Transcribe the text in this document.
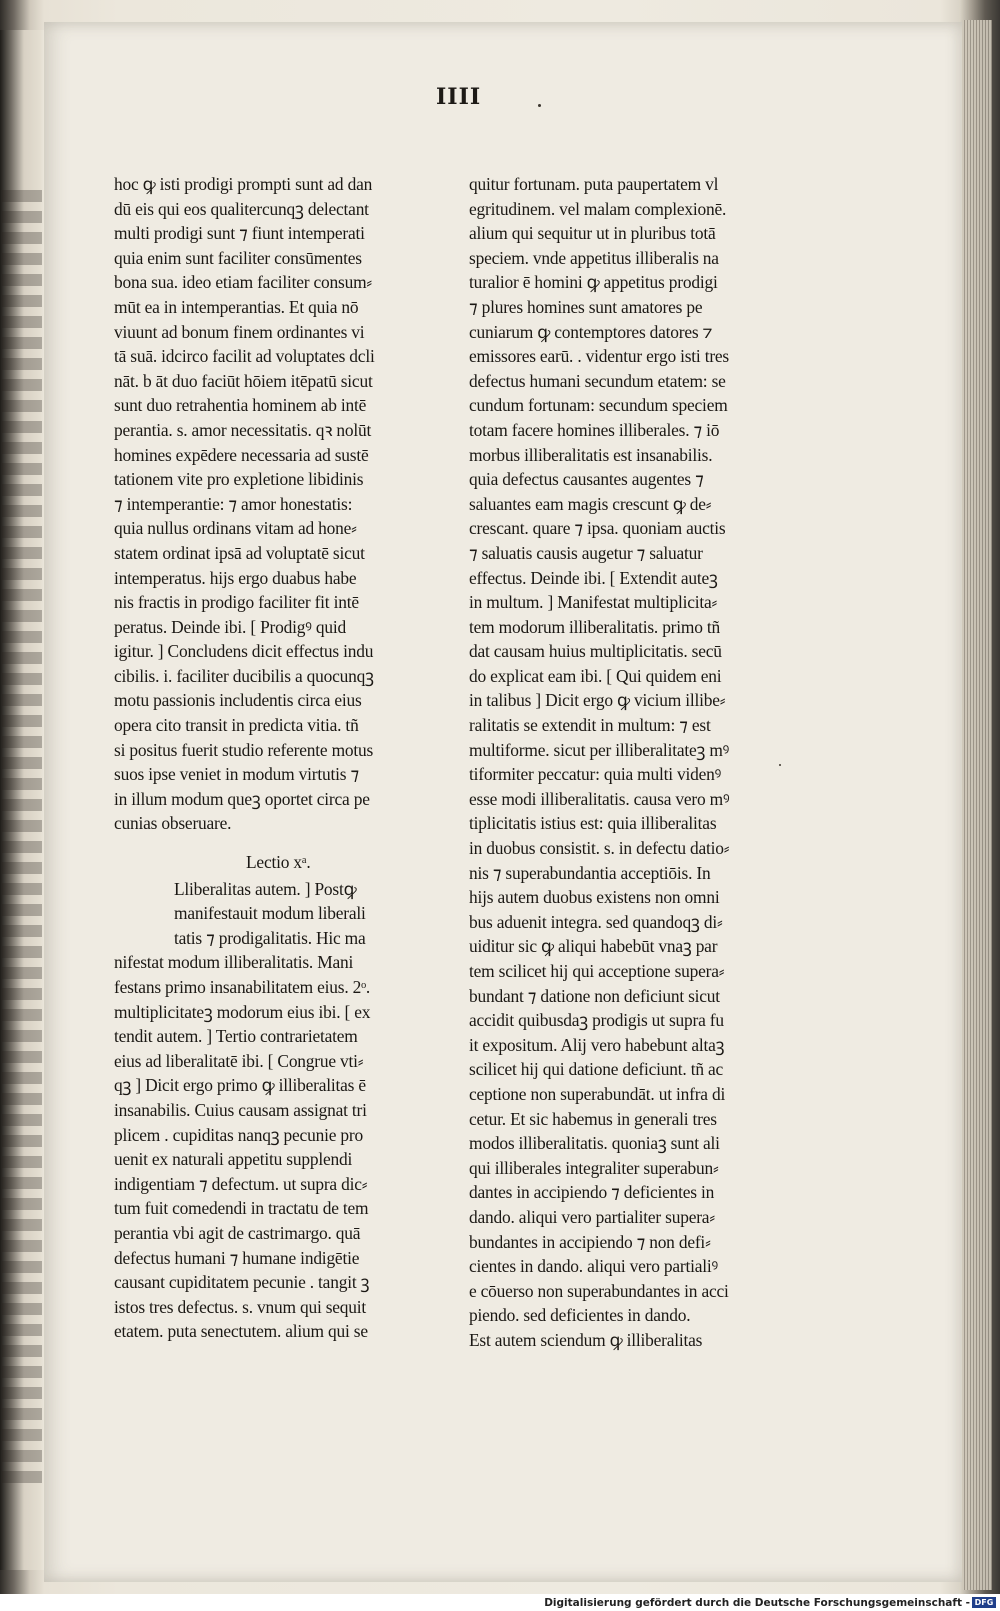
IIII
hoc ꝙ isti prodigi prompti sunt ad dan
dū eis qui eos qualitercunqꝫ delectant
multi prodigi sunt ⁊ fiunt intemperati
quia enim sunt faciliter consūmentes
bona sua. ideo etiam faciliter consum⸗
mūt ea in intemperantias. Et quia nō
viuunt ad bonum finem ordinantes vi
tā suā. idcirco facilit ad voluptates dcli
nāt. b āt duo faciūt hōiem itēpatū sicut
sunt duo retrahentia hominem ab intē
perantia. s. amor necessitatis. qꝛ nolūt
homines expēdere necessaria ad sustē
tationem vite pro expletione libidinis
⁊ intemperantie: ⁊ amor honestatis:
quia nullus ordinans vitam ad hone⸗
statem ordinat ipsā ad voluptatē sicut
intemperatus. hijs ergo duabus habe
nis fractis in prodigo faciliter fit intē
peratus. Deinde ibi. [ Prodigꝰ quid
igitur. ] Concludens dicit effectus indu
cibilis. i. faciliter ducibilis a quocunqꝫ
motu passionis includentis circa eius
opera cito transit in predicta vitia. tñ
si positus fuerit studio referente motus
suos ipse veniet in modum virtutis ⁊
in illum modum queꝫ oportet circa pe
cunias obseruare.
Lectio xᵃ.
Lliberalitas autem. ] Postꝙ
manifestauit modum liberali
tatis ⁊ prodigalitatis. Hic ma
nifestat modum illiberalitatis. Mani
festans primo insanabilitatem eius. 2ᵒ.
multiplicitateꝫ modorum eius ibi. [ ex
tendit autem. ] Tertio contrarietatem
eius ad liberalitatē ibi. [ Congrue vti⸗
qꝫ ] Dicit ergo primo ꝙ illiberalitas ē
insanabilis. Cuius causam assignat tri
plicem . cupiditas nanqꝫ pecunie pro
uenit ex naturali appetitu supplendi
indigentiam ⁊ defectum. ut supra dic⸗
tum fuit comedendi in tractatu de tem
perantia vbi agit de castrimargo. quā
defectus humani ⁊ humane indigētie
causant cupiditatem pecunie . tangit ꝫ
istos tres defectus. s. vnum qui sequit
etatem. puta senectutem. alium qui se
quitur fortunam. puta paupertatem vl
egritudinem. vel malam complexionē.
alium qui sequitur ut in pluribus totā
speciem. vnde appetitus illiberalis na
turalior ē homini ꝙ appetitus prodigi
⁊ plures homines sunt amatores pe
cuniarum ꝙ contemptores datores ⁊
emissores earū. . videntur ergo isti tres
defectus humani secundum etatem: se
cundum fortunam: secundum speciem
totam facere homines illiberales. ⁊ iō
morbus illiberalitatis est insanabilis.
quia defectus causantes augentes ⁊
saluantes eam magis crescunt ꝙ de⸗
crescant. quare ⁊ ipsa. quoniam auctis
⁊ saluatis causis augetur ⁊ saluatur
effectus. Deinde ibi. [ Extendit auteꝫ
in multum. ] Manifestat multiplicita⸗
tem modorum illiberalitatis. primo tñ
dat causam huius multiplicitatis. secū
do explicat eam ibi. [ Qui quidem eni
in talibus ] Dicit ergo ꝙ vicium illibe⸗
ralitatis se extendit in multum: ⁊ est
multiforme. sicut per illiberalitateꝫ mꝰ
tiformiter peccatur: quia multi videnꝰ
esse modi illiberalitatis. causa vero mꝰ
tiplicitatis istius est: quia illiberalitas
in duobus consistit. s. in defectu datio⸗
nis ⁊ superabundantia acceptiōis. In
hijs autem duobus existens non omni
bus aduenit integra. sed quandoqꝫ di⸗
uiditur sic ꝙ aliqui habebūt vnaꝫ par
tem scilicet hij qui acceptione supera⸗
bundant ⁊ datione non deficiunt sicut
accidit quibusdaꝫ prodigis ut supra fu
it expositum. Alij vero habebunt altaꝫ
scilicet hij qui datione deficiunt. tñ ac
ceptione non superabundāt. ut infra di
cetur. Et sic habemus in generali tres
modos illiberalitatis. quoniaꝫ sunt ali
qui illiberales integraliter superabun⸗
dantes in accipiendo ⁊ deficientes in
dando. aliqui vero partialiter supera⸗
bundantes in accipiendo ⁊ non defi⸗
cientes in dando. aliqui vero partialiꝰ
e cōuerso non superabundantes in acci
piendo. sed deficientes in dando.
Est autem sciendum ꝙ illiberalitas
Digitalisierung gefördert durch die Deutsche Forschungsgemeinschaft - DFG
